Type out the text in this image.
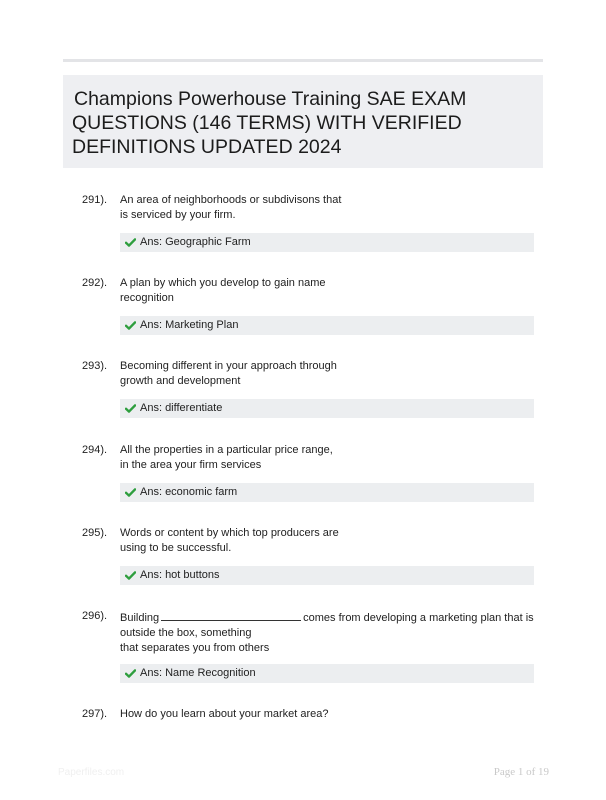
Champions Powerhouse Training SAE EXAM
QUESTIONS (146 TERMS) WITH VERIFIED
DEFINITIONS UPDATED 2024
291). An area of neighborhoods or subdivisons that
is serviced by your firm.
Ans: Geographic Farm
292). A plan by which you develop to gain name
recognition
Ans: Marketing Plan
293). Becoming different in your approach through
growth and development
Ans: differentiate
294). All the properties in a particular price range,
in the area your firm services
Ans: economic farm
295). Words or content by which top producers are
using to be successful.
Ans: hot buttons
296). Building	comes from developing a marketing plan that is
outside the box, something
that separates you from others
Ans: Name Recognition
297). How do you learn about your market area?
Paperfiles.com	Page 1 of 19
